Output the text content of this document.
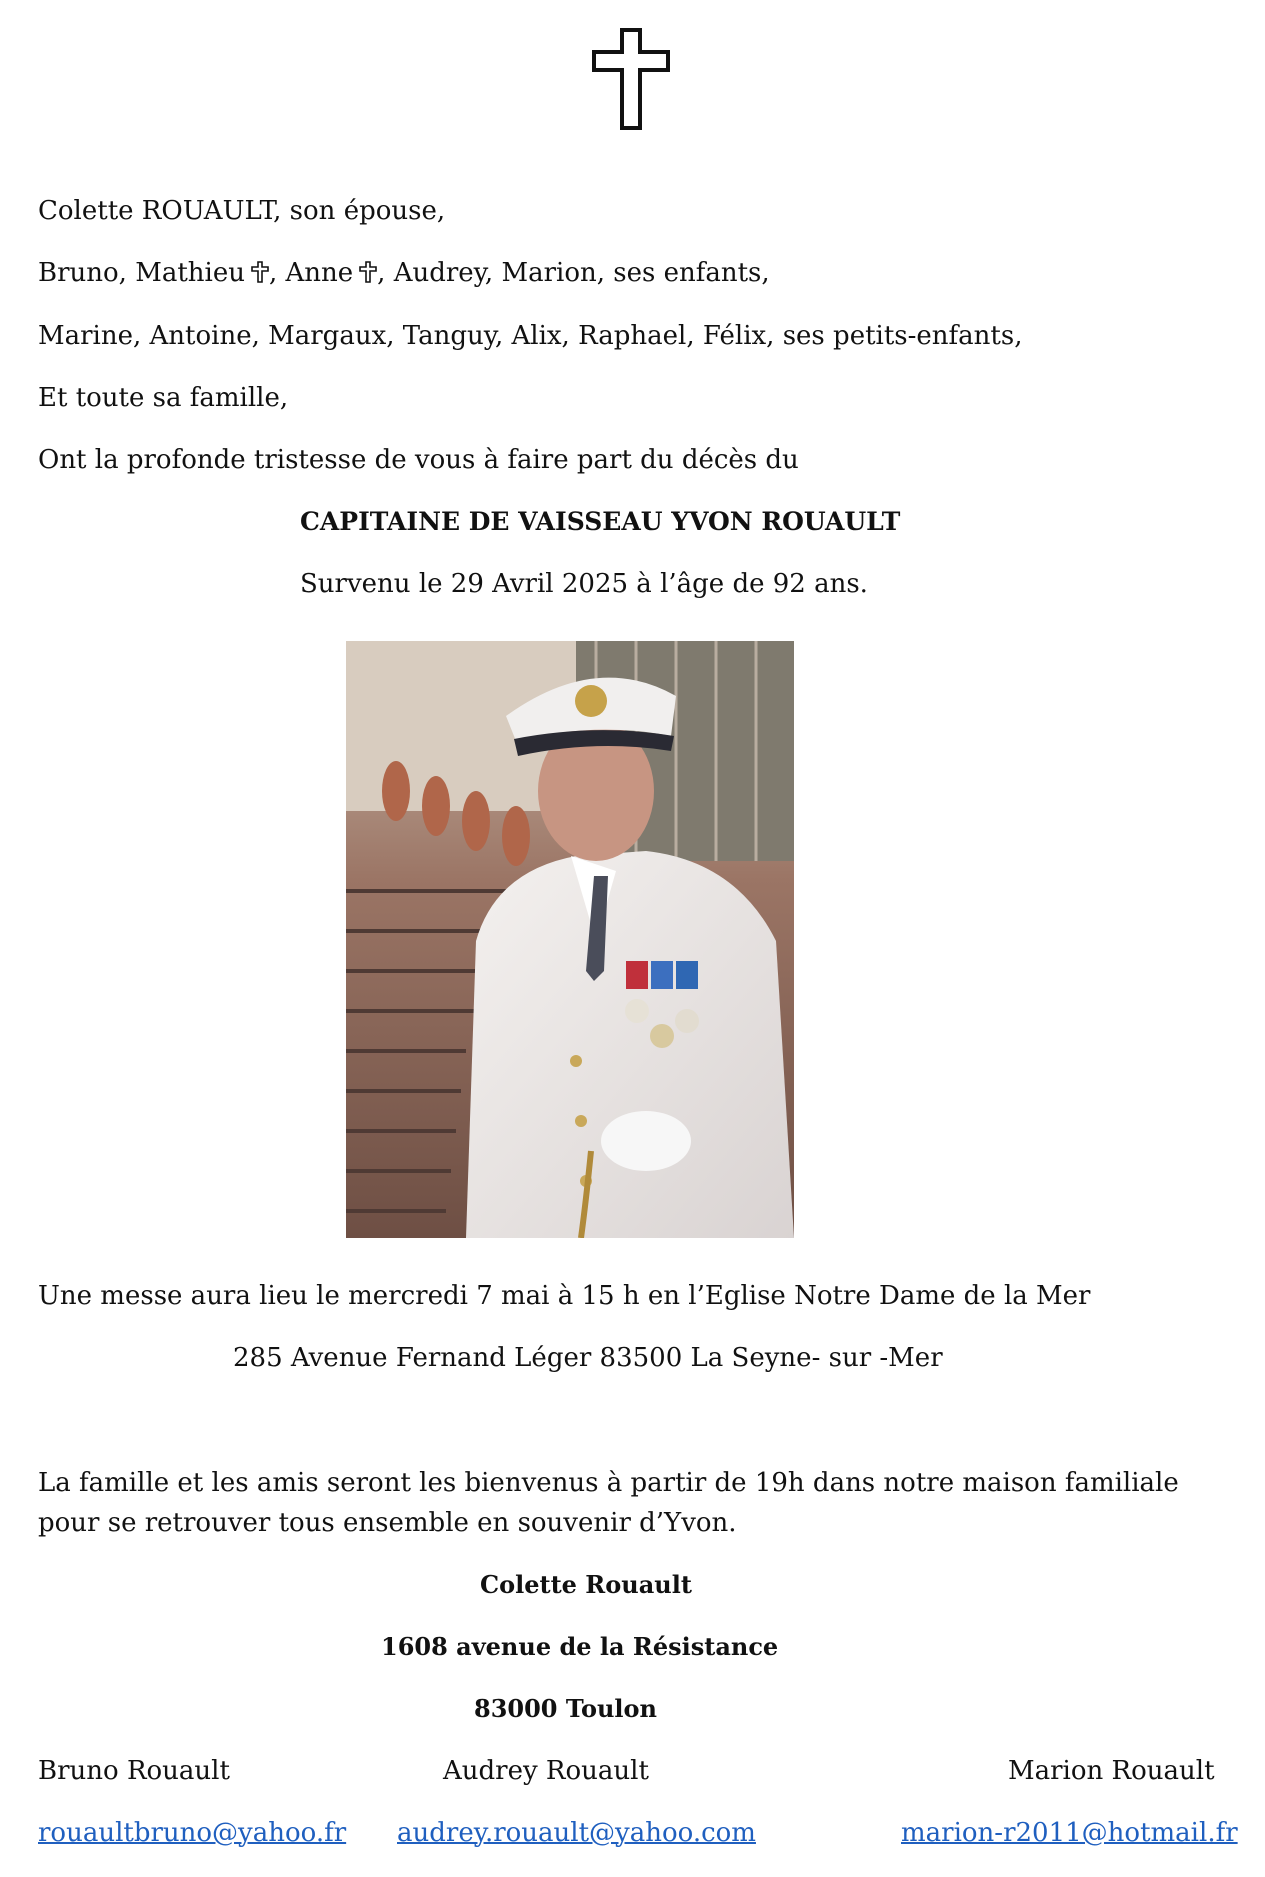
Colette ROUAULT, son épouse,
Bruno, Mathieu , Anne , Audrey, Marion, ses enfants,
Marine, Antoine, Margaux, Tanguy, Alix, Raphael, Félix, ses petits-enfants,
Et toute sa famille,
Ont la profonde tristesse de vous à faire part du décès du
CAPITAINE DE VAISSEAU YVON ROUAULT
Survenu le 29 Avril 2025 à l’âge de 92 ans.
Une messe aura lieu le mercredi 7 mai à 15 h en l’Eglise Notre Dame de la Mer
285 Avenue Fernand Léger 83500 La Seyne- sur -Mer
La famille et les amis seront les bienvenus à partir de 19h dans notre maison familiale pour se retrouver tous ensemble en souvenir d’Yvon.
Colette Rouault
1608 avenue de la Résistance
83000 Toulon
Bruno Rouault	Audrey Rouault	Marion Rouault
rouaultbruno@yahoo.fr audrey.rouault@yahoo.com	marion-r2011@hotmail.fr
